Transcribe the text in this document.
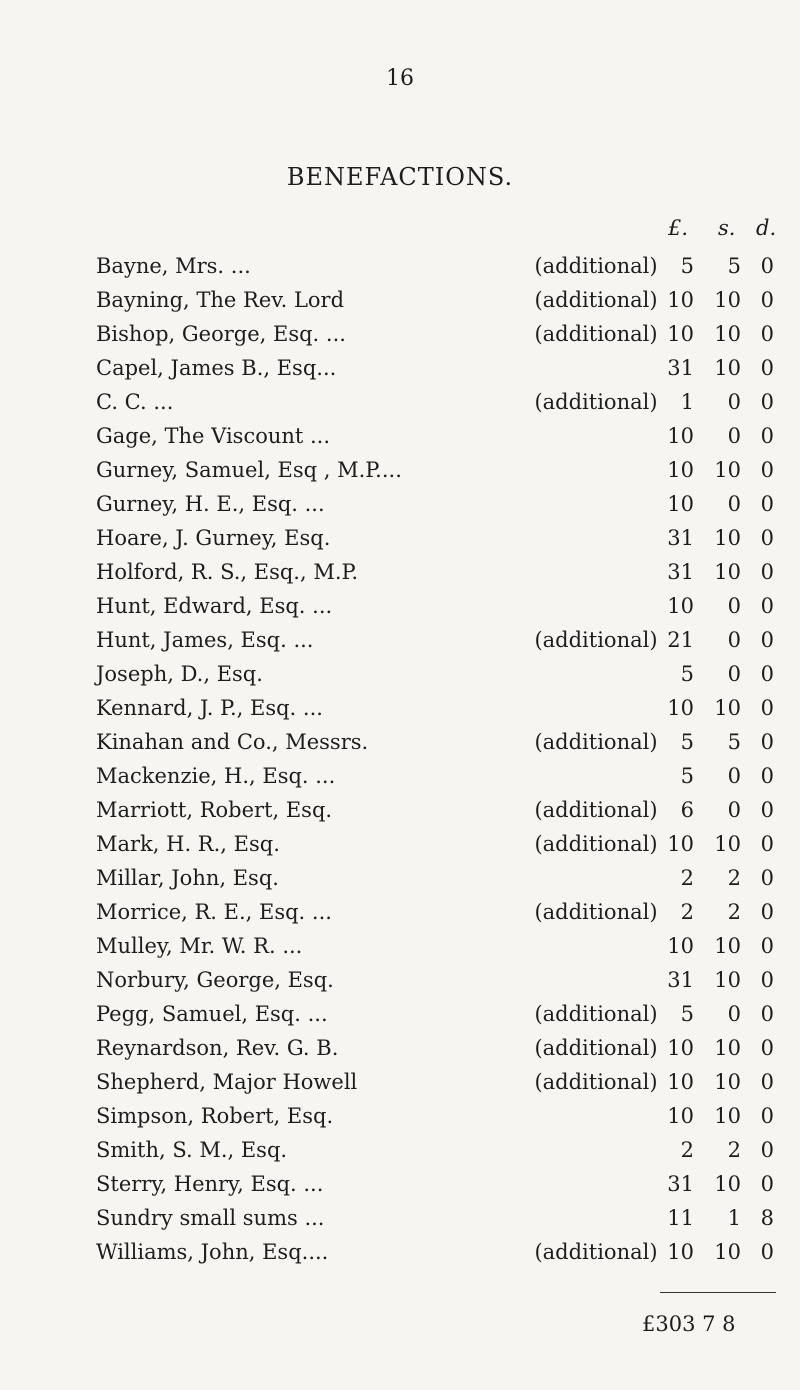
16
BENEFACTIONS.
£. s. d.
Bayne, Mrs. ...	(additional)	5	5 0
Bayning, The Rev. Lord	(additional) 10 10 0
Bishop, George, Esq. ...	(additional) 10 10 0
Capel, James B., Esq...	31 10 0
C. C. ...	(additional)	1	0 0
Gage, The Viscount ...	10	0 0
Gurney, Samuel, Esq , M.P....	10 10 0
Gurney, H. E., Esq. ...	10	0 0
Hoare, J. Gurney, Esq.	31 10 0
Holford, R. S., Esq., M.P.	31 10 0
Hunt, Edward, Esq. ...	10	0 0
Hunt, James, Esq. ...	(additional) 21	0 0
Joseph, D., Esq.	5	0 0
Kennard, J. P., Esq. ...	10 10 0
Kinahan and Co., Messrs.	(additional)	5	5 0
Mackenzie, H., Esq. ...	5	0 0
Marriott, Robert, Esq.	(additional)	6	0 0
Mark, H. R., Esq.	(additional) 10 10 0
Millar, John, Esq.	2	2 0
Morrice, R. E., Esq. ...	(additional)	2	2 0
Mulley, Mr. W. R. ...	10 10 0
Norbury, George, Esq.	31 10 0
Pegg, Samuel, Esq. ...	(additional)	5	0 0
Reynardson, Rev. G. B.	(additional) 10 10 0
Shepherd, Major Howell	(additional) 10 10 0
Simpson, Robert, Esq.	10 10 0
Smith, S. M., Esq.	2	2 0
Sterry, Henry, Esq. ...	31 10 0
Sundry small sums ...	11	1 8
Williams, John, Esq....	(additional) 10 10 0
£303 7 8
